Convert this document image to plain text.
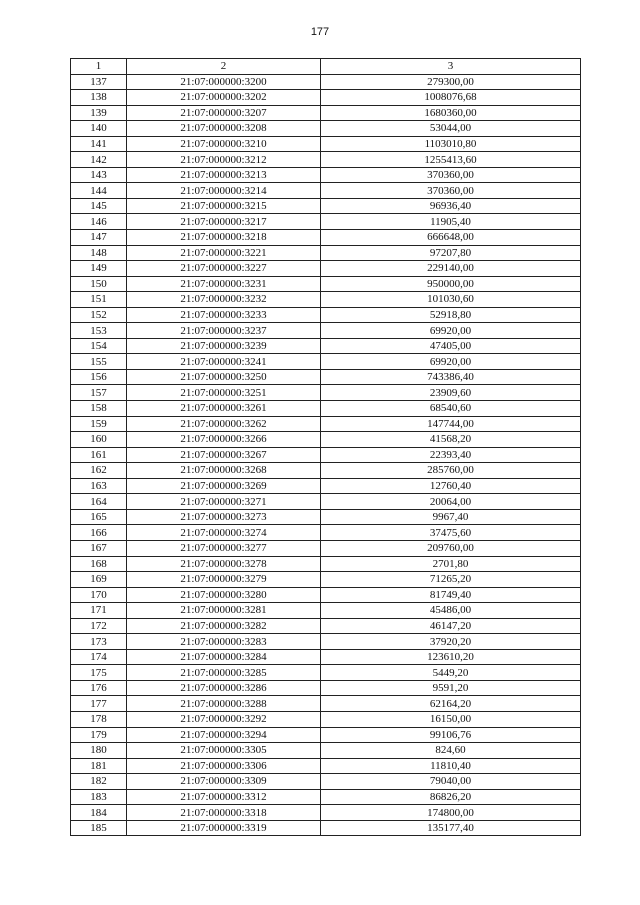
177
1	2	3
137	21:07:000000:3200	279300,00
138	21:07:000000:3202	1008076,68
139	21:07:000000:3207	1680360,00
140	21:07:000000:3208	53044,00
141	21:07:000000:3210	1103010,80
142	21:07:000000:3212	1255413,60
143	21:07:000000:3213	370360,00
144	21:07:000000:3214	370360,00
145	21:07:000000:3215	96936,40
146	21:07:000000:3217	11905,40
147	21:07:000000:3218	666648,00
148	21:07:000000:3221	97207,80
149	21:07:000000:3227	229140,00
150	21:07:000000:3231	950000,00
151	21:07:000000:3232	101030,60
152	21:07:000000:3233	52918,80
153	21:07:000000:3237	69920,00
154	21:07:000000:3239	47405,00
155	21:07:000000:3241	69920,00
156	21:07:000000:3250	743386,40
157	21:07:000000:3251	23909,60
158	21:07:000000:3261	68540,60
159	21:07:000000:3262	147744,00
160	21:07:000000:3266	41568,20
161	21:07:000000:3267	22393,40
162	21:07:000000:3268	285760,00
163	21:07:000000:3269	12760,40
164	21:07:000000:3271	20064,00
165	21:07:000000:3273	9967,40
166	21:07:000000:3274	37475,60
167	21:07:000000:3277	209760,00
168	21:07:000000:3278	2701,80
169	21:07:000000:3279	71265,20
170	21:07:000000:3280	81749,40
171	21:07:000000:3281	45486,00
172	21:07:000000:3282	46147,20
173	21:07:000000:3283	37920,20
174	21:07:000000:3284	123610,20
175	21:07:000000:3285	5449,20
176	21:07:000000:3286	9591,20
177	21:07:000000:3288	62164,20
178	21:07:000000:3292	16150,00
179	21:07:000000:3294	99106,76
180	21:07:000000:3305	824,60
181	21:07:000000:3306	11810,40
182	21:07:000000:3309	79040,00
183	21:07:000000:3312	86826,20
184	21:07:000000:3318	174800,00
185	21:07:000000:3319	135177,40
